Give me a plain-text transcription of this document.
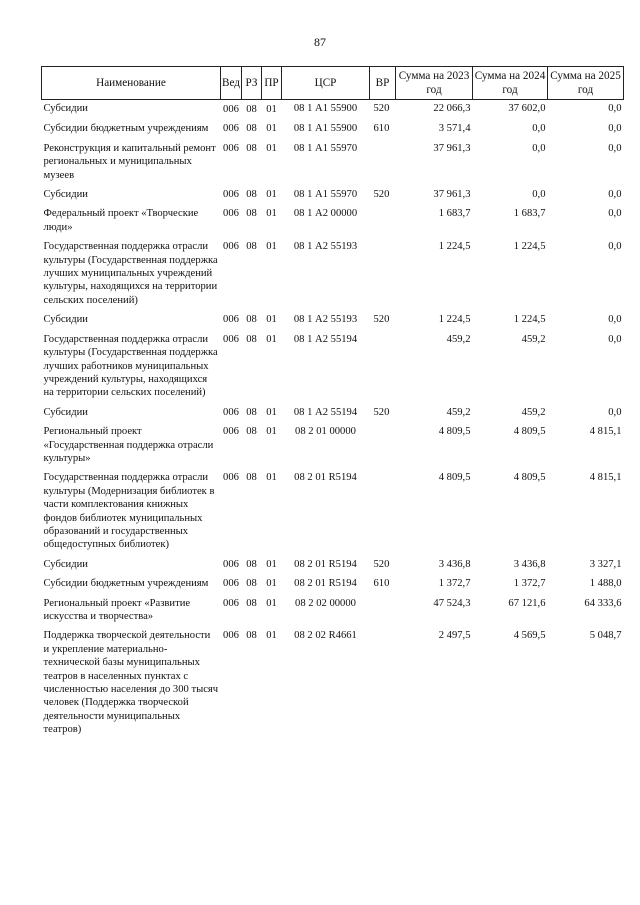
87
Наименование	Вед	РЗ	ПР	ЦСР	ВР	Сумма на 2023 год	Сумма на 2024 год	Сумма на 2025 год
Субсидии	006	08	01	08 1 А1 55900	520	22 066,3	37 602,0	0,0
Субсидии бюджетным учреждениям	006	08	01	08 1 А1 55900	610	3 571,4	0,0	0,0
Реконструкция и капитальный ремонт региональных и муниципальных музеев	006	08	01	08 1 А1 55970		37 961,3	0,0	0,0
Субсидии	006	08	01	08 1 А1 55970	520	37 961,3	0,0	0,0
Федеральный проект «Творческие люди»	006	08	01	08 1 А2 00000		1 683,7	1 683,7	0,0
Государственная поддержка отрасли культуры (Государственная поддержка лучших муниципальных учреждений культуры, находящихся на территории сельских поселений)	006	08	01	08 1 А2 55193		1 224,5	1 224,5	0,0
Субсидии	006	08	01	08 1 А2 55193	520	1 224,5	1 224,5	0,0
Государственная поддержка отрасли культуры (Государственная поддержка лучших работников муниципальных учреждений культуры, находящихся на территории сельских поселений)	006	08	01	08 1 А2 55194		459,2	459,2	0,0
Субсидии	006	08	01	08 1 А2 55194	520	459,2	459,2	0,0
Региональный проект «Государственная поддержка отрасли культуры»	006	08	01	08 2 01 00000		4 809,5	4 809,5	4 815,1
Государственная поддержка отрасли культуры (Модернизация библиотек в части комплектования книжных фондов библиотек муниципальных образований и государственных общедоступных библиотек)	006	08	01	08 2 01 R5194		4 809,5	4 809,5	4 815,1
Субсидии	006	08	01	08 2 01 R5194	520	3 436,8	3 436,8	3 327,1
Субсидии бюджетным учреждениям	006	08	01	08 2 01 R5194	610	1 372,7	1 372,7	1 488,0
Региональный проект «Развитие искусства и творчества»	006	08	01	08 2 02 00000		47 524,3	67 121,6	64 333,6
Поддержка творческой деятельности и укрепление материально-технической базы муниципальных театров в населенных пунктах с численностью населения до 300 тысяч человек (Поддержка творческой деятельности муниципальных театров)	006	08	01	08 2 02 R4661		2 497,5	4 569,5	5 048,7
